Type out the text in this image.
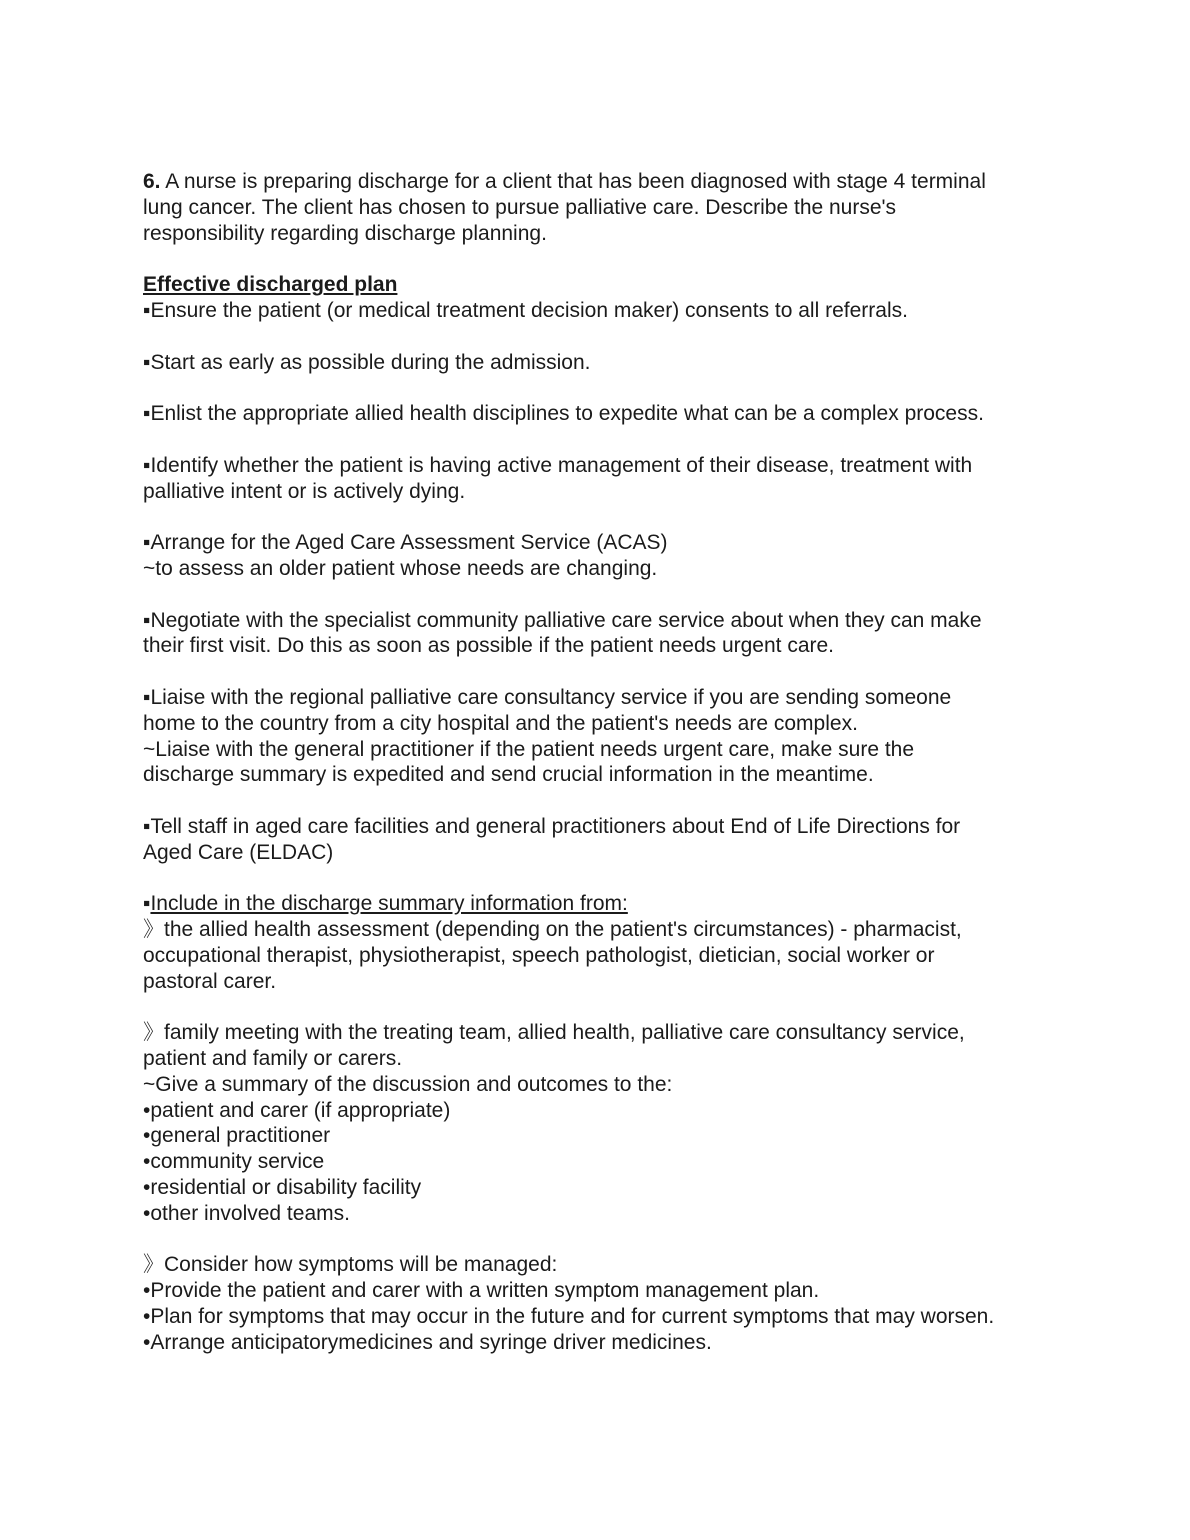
6. A nurse is preparing discharge for a client that has been diagnosed with stage 4 terminal
lung cancer. The client has chosen to pursue palliative care. Describe the nurse's
responsibility regarding discharge planning.
Effective discharged plan
▪Ensure the patient (or medical treatment decision maker) consents to all referrals.
▪Start as early as possible during the admission.
▪Enlist the appropriate allied health disciplines to expedite what can be a complex process.
▪Identify whether the patient is having active management of their disease, treatment with
palliative intent or is actively dying.
▪Arrange for the Aged Care Assessment Service (ACAS)
~to assess an older patient whose needs are changing.
▪Negotiate with the specialist community palliative care service about when they can make
their first visit. Do this as soon as possible if the patient needs urgent care.
▪Liaise with the regional palliative care consultancy service if you are sending someone
home to the country from a city hospital and the patient's needs are complex.
~Liaise with the general practitioner if the patient needs urgent care, make sure the
discharge summary is expedited and send crucial information in the meantime.
▪Tell staff in aged care facilities and general practitioners about End of Life Directions for
Aged Care (ELDAC)
▪Include in the discharge summary information from:
》the allied health assessment (depending on the patient's circumstances) - pharmacist,
occupational therapist, physiotherapist, speech pathologist, dietician, social worker or
pastoral carer.
》family meeting with the treating team, allied health, palliative care consultancy service,
patient and family or carers.
~Give a summary of the discussion and outcomes to the:
•patient and carer (if appropriate)
•general practitioner
•community service
•residential or disability facility
•other involved teams.
》Consider how symptoms will be managed:
•Provide the patient and carer with a written symptom management plan.
•Plan for symptoms that may occur in the future and for current symptoms that may worsen.
•Arrange anticipatorymedicines and syringe driver medicines.
